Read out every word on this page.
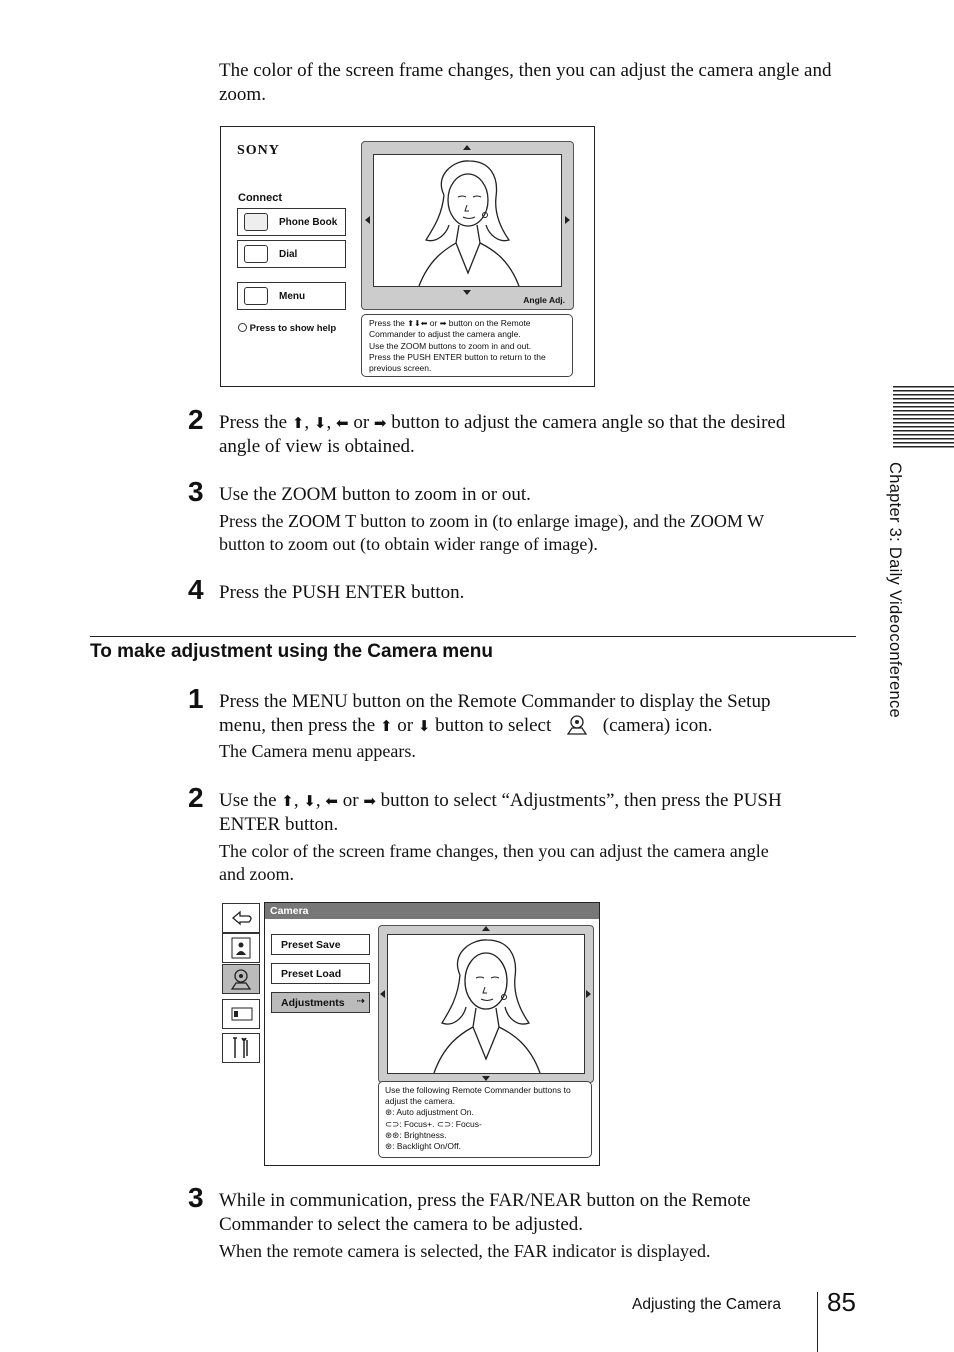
The color of the screen frame changes, then you can adjust the camera angle and zoom.
SONY
Connect
Phone Book
Dial
Menu
Press to show help
Angle Adj.
Press the ⬆⬇⬅ or ➡ button on the Remote
Commander to adjust the camera angle.
Use the ZOOM buttons to zoom in and out.
Press the PUSH ENTER button to return to the
previous screen.
2 Press the ⬆, ⬇, ⬅ or ➡ button to adjust the camera angle so that the desired
angle of view is obtained.
3 Use the ZOOM button to zoom in or out.
Press the ZOOM T button to zoom in (to enlarge image), and the ZOOM W
button to zoom out (to obtain wider range of image).
4 Press the PUSH ENTER button.
To make adjustment using the Camera menu
1 Press the MENU button on the Remote Commander to display the Setup
menu, then press the ⬆ or ⬇ button to select	(camera) icon.
The Camera menu appears.
2 Use the ⬆, ⬇, ⬅ or ➡ button to select “Adjustments”, then press the PUSH
ENTER button.
The color of the screen frame changes, then you can adjust the camera angle
and zoom.
Camera
Preset Save
Preset Load
Adjustments ⇢
Use the following Remote Commander buttons to
adjust the camera.
⊛: Auto adjustment On.
⊂⊃: Focus+. ⊂⊃: Focus-
⊛⊛: Brightness.
⊛: Backlight On/Off.
3 While in communication, press the FAR/NEAR button on the Remote
Commander to select the camera to be adjusted.
When the remote camera is selected, the FAR indicator is displayed.
Chapter 3: Daily Videoconference
Adjusting the Camera 85
